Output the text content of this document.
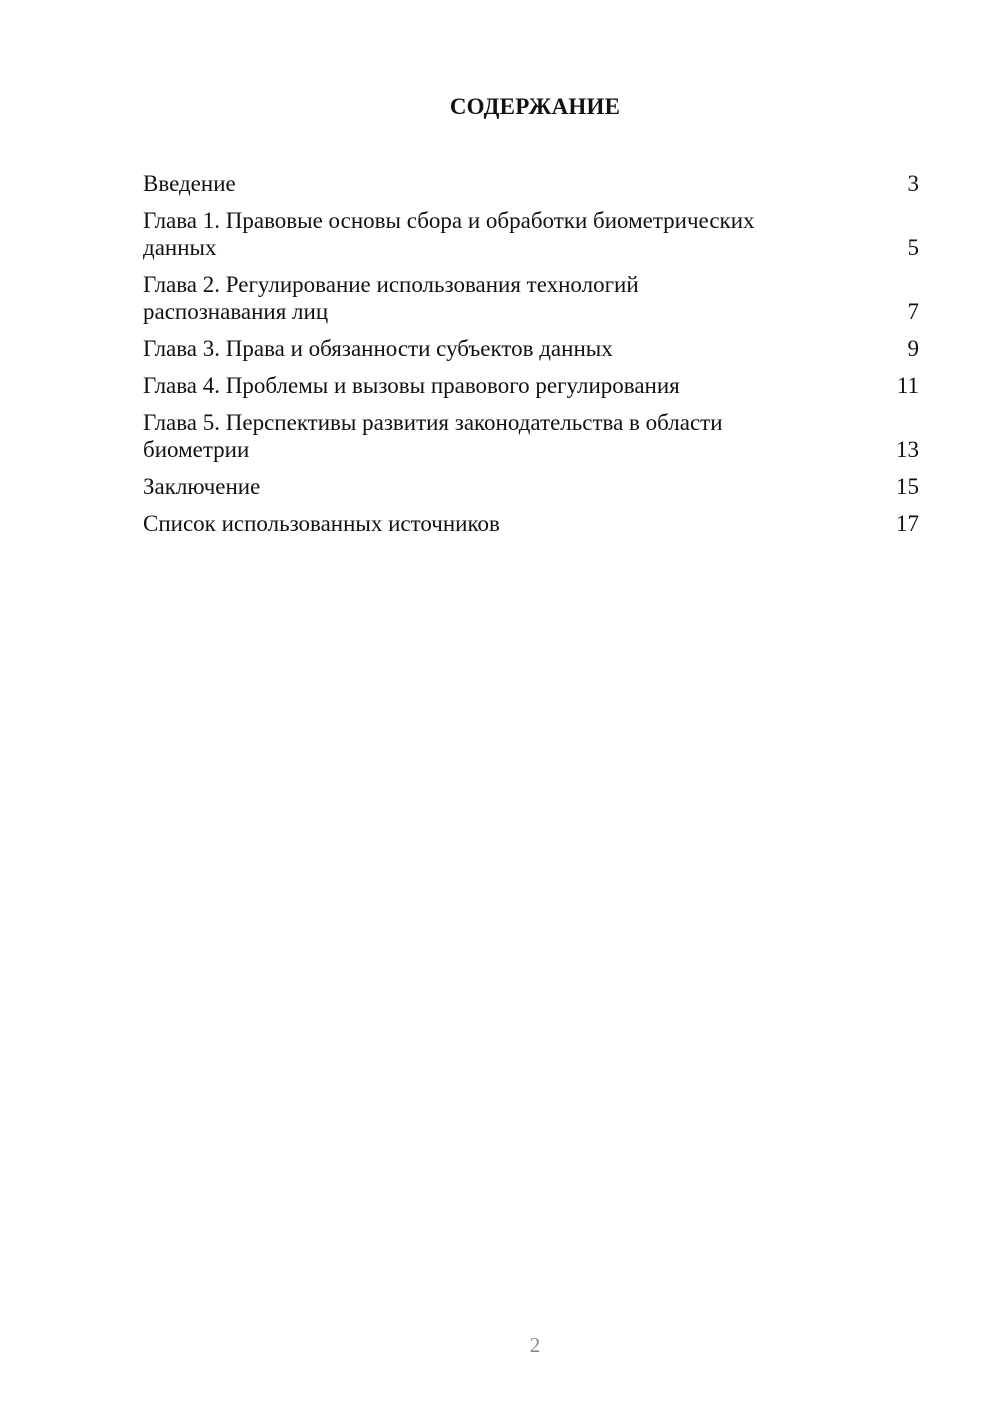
СОДЕРЖАНИЕ
Введение	3
Глава 1. Правовые основы сбора и обработки биометрических данных	5
Глава 2. Регулирование использования технологий распознавания лиц	7
Глава 3. Права и обязанности субъектов данных	9
Глава 4. Проблемы и вызовы правового регулирования	11
Глава 5. Перспективы развития законодательства в области биометрии	13
Заключение	15
Список использованных источников	17
2
